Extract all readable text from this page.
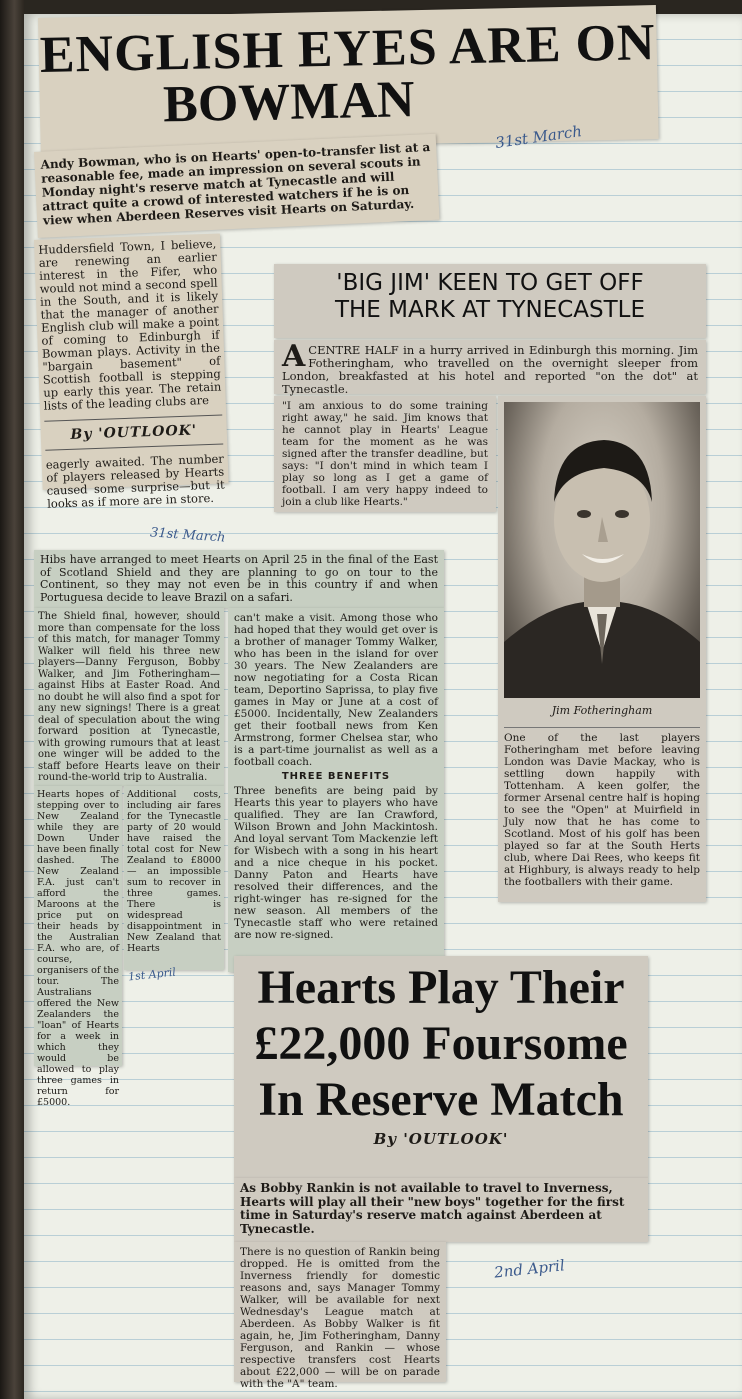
ENGLISH EYES ARE ON

BOWMAN

Andy Bowman, who is on Hearts' open-to-transfer list at a reasonable fee, made an impression on several scouts in Monday night's reserve match at Tynecastle and will attract quite a crowd of interested watchers if he is on view when Aberdeen Reserves visit Hearts on Saturday.

Huddersfield Town, I believe, are renewing an earlier interest in the Fifer, who would not mind a second spell in the South, and it is likely that the manager of another English club will make a point of coming to Edinburgh if Bowman plays. Activity in the "bargain basement" of Scottish football is stepping up early this year. The retain lists of the leading clubs are

By 'OUTLOOK'

eagerly awaited. The number of players released by Hearts caused some surprise—but it looks as if more are in store.

31st March

'BIG JIM' KEEN TO GET OFF

THE MARK AT TYNECASTLE

A CENTRE HALF in a hurry arrived in Edinburgh this morning. Jim Fotheringham, who travelled on the overnight sleeper from London, breakfasted at his hotel and reported "on the dot" at Tynecastle.

"I am anxious to do some training right away," he said. Jim knows that he cannot play in Hearts' League team for the moment as he was signed after the transfer deadline, but says: "I don't mind in which team I play so long as I get a game of football. I am very happy indeed to join a club like Hearts."

Jim Fotheringham

One of the last players Fotheringham met before leaving London was Davie Mackay, who is settling down happily with Tottenham. A keen golfer, the former Arsenal centre half is hoping to see the "Open" at Muirfield in July now that he has come to Scotland. Most of his golf has been played so far at the South Herts club, where Dai Rees, who keeps fit at Highbury, is always ready to help the footballers with their game.

31st March

Hibs have arranged to meet Hearts on April 25 in the final of the East of Scotland Shield and they are planning to go on tour to the Continent, so they may not even be in this country if and when Portuguesa decide to leave Brazil on a safari.

The Shield final, however, should more than compensate for the loss of this match, for manager Tommy Walker will field his three new players—Danny Ferguson, Bobby Walker, and Jim Fotheringham—against Hibs at Easter Road. And no doubt he will also find a spot for any new signings! There is a great deal of speculation about the wing forward position at Tynecastle, with growing rumours that at least one winger will be added to the staff before Hearts leave on their round-the-world trip to Australia.

Hearts hopes of stepping over to New Zealand while they are Down Under have been finally dashed. The New Zealand F.A. just can't afford the Maroons at the price put on their heads by the Australian F.A. who are, of course, organisers of the tour. The Australians offered the New Zealanders the "loan" of Hearts for a week in which they would be allowed to play three games in return for £5000.

Additional costs, including air fares for the Tynecastle party of 20 would have raised the total cost for New Zealand to £8000 — an impossible sum to recover in three games. There is widespread disappointment in New Zealand that Hearts

can't make a visit. Among those who had hoped that they would get over is a brother of manager Tommy Walker, who has been in the island for over 30 years. The New Zealanders are now negotiating for a Costa Rican team, Deportino Saprissa, to play five games in May or June at a cost of £5000. Incidentally, New Zealanders get their football news from Ken Armstrong, former Chelsea star, who is a part-time journalist as well as a football coach.

THREE BENEFITS

Three benefits are being paid by Hearts this year to players who have qualified. They are Ian Crawford, Wilson Brown and John Mackintosh. And loyal servant Tom Mackenzie left for Wisbech with a song in his heart and a nice cheque in his pocket. Danny Paton and Hearts have resolved their differences, and the right-winger has re-signed for the new season. All members of the Tynecastle staff who were retained are now re-signed.

1st April	Hearts Play Their

£22,000 Foursome

In Reserve Match

By 'OUTLOOK'

As Bobby Rankin is not available to travel to Inverness, Hearts will play all their "new boys" together for the first time in Saturday's reserve match against Aberdeen at Tynecastle.

There is no question of Rankin being dropped. He is omitted from the Inverness friendly for domestic reasons and, says Manager Tommy Walker, will be available for next Wednesday's League match at Aberdeen. As Bobby Walker is fit again, he, Jim Fotheringham, Danny Ferguson, and Rankin — whose respective transfers cost Hearts about £22,000 — will be on parade with the "A" team.

2nd April
